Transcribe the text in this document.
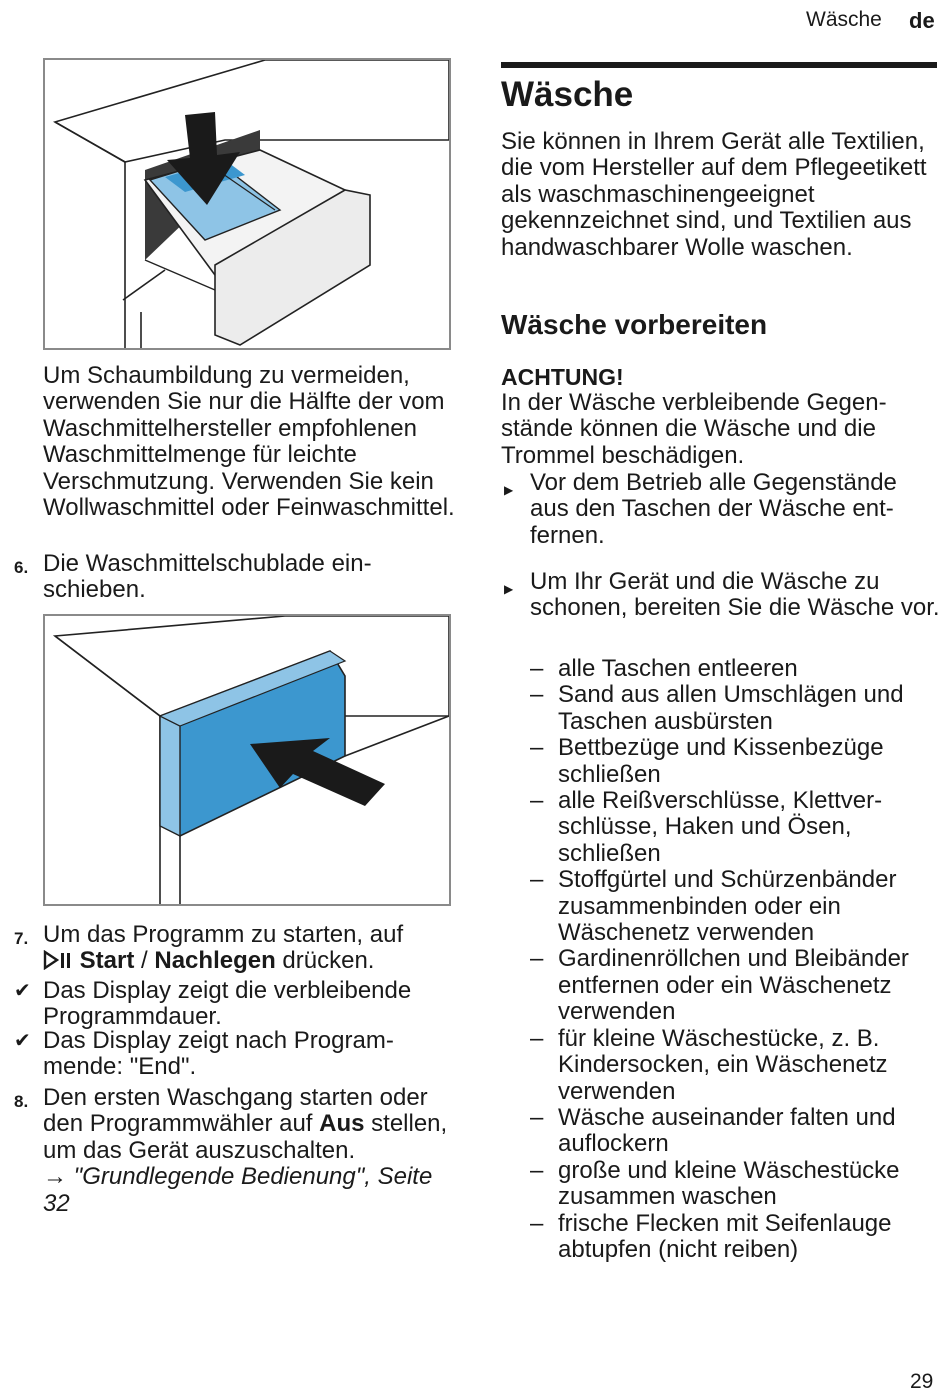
Wäsche de

Um Schaumbildung zu vermeiden, verwenden Sie nur die Hälfte der vom Waschmittelhersteller empfohlenen Waschmittelmenge für leichte Verschmutzung. Verwenden Sie kein Wollwaschmittel oder Feinwaschmittel.

6. Die Waschmittelschublade einschieben.
7. Um das Programm zu starten, auf
Start / Nachlegen drücken.
✔ Das Display zeigt die verbleibende Programmdauer.
✔ Das Display zeigt nach Programmende: "End".
8. Den ersten Waschgang starten oder den Programmwähler auf Aus stellen, um das Gerät auszuschalten.
→ "Grundlegende Bedienung", Seite 32
Wäsche

Sie können in Ihrem Gerät alle Textilien, die vom Hersteller auf dem Pflegeetikett als waschmaschinengeeignet gekennzeichnet sind, und Textilien aus handwaschbarer Wolle waschen.

Wäsche vorbereiten
ACHTUNG!

In der Wäsche verbleibende Gegenstände können die Wäsche und die Trommel beschädigen.

▶ Vor dem Betrieb alle Gegenstände aus den Taschen der Wäsche entfernen.
▶ Um Ihr Gerät und die Wäsche zu schonen, bereiten Sie die Wäsche vor.
– alle Taschen entleeren
– Sand aus allen Umschlägen und Taschen ausbürsten
– Bettbezüge und Kissenbezüge schließen
– alle Reißverschlüsse, Klettverschlüsse, Haken und Ösen, schließen
– Stoffgürtel und Schürzenbänder zusammenbinden oder ein Wäschenetz verwenden
– Gardinenröllchen und Bleibänder entfernen oder ein Wäschenetz verwenden
– für kleine Wäschestücke, z. B. Kindersocken, ein Wäschenetz verwenden
– Wäsche auseinander falten und auflockern
– große und kleine Wäschestücke zusammen waschen
– frische Flecken mit Seifenlauge abtupfen (nicht reiben)
29
